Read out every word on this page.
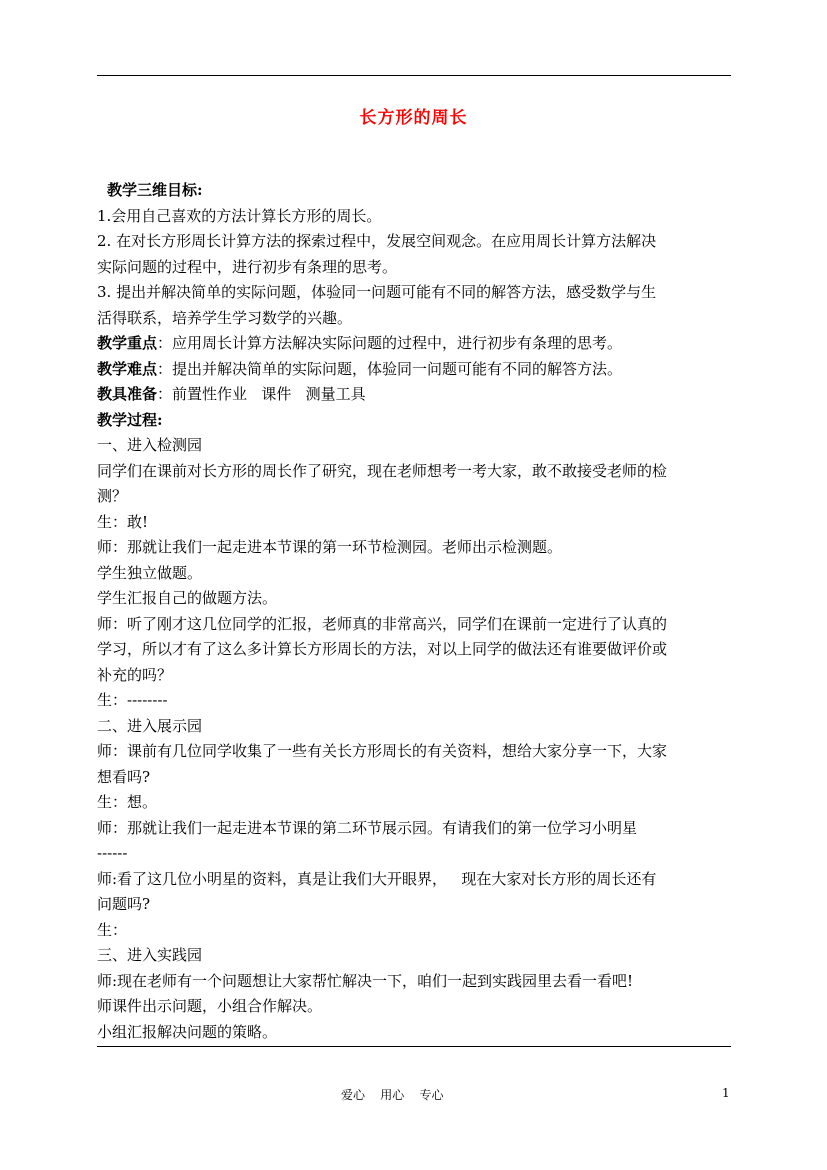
长方形的周长

教学三维目标:

1.会用自己喜欢的方法计算长方形的周长。

2. 在对长方形周长计算方法的探索过程中，发展空间观念。在应用周长计算方法解决

实际问题的过程中，进行初步有条理的思考。

3. 提出并解决简单的实际问题，体验同一问题可能有不同的解答方法，感受数学与生

活得联系，培养学生学习数学的兴趣。

教学重点：应用周长计算方法解决实际问题的过程中，进行初步有条理的思考。

教学难点：提出并解决简单的实际问题，体验同一问题可能有不同的解答方法。

教具准备：前置性作业   课件   测量工具

教学过程:

一、进入检测园

同学们在课前对长方形的周长作了研究，现在老师想考一考大家，敢不敢接受老师的检

测？

生：敢!

师：那就让我们一起走进本节课的第一环节检测园。老师出示检测题。

学生独立做题。

学生汇报自己的做题方法。

师：听了刚才这几位同学的汇报，老师真的非常高兴，同学们在课前一定进行了认真的

学习，所以才有了这么多计算长方形周长的方法，对以上同学的做法还有谁要做评价或

补充的吗？

生：--------

二、进入展示园

师：课前有几位同学收集了一些有关长方形周长的有关资料，想给大家分享一下，大家

想看吗?

生：想。

师：那就让我们一起走进本节课的第二环节展示园。有请我们的第一位学习小明星

------

师:看了这几位小明星的资料，真是让我们大开眼界，   现在大家对长方形的周长还有

问题吗?

生：

三、进入实践园

师:现在老师有一个问题想让大家帮忙解决一下，咱们一起到实践园里去看一看吧!

师课件出示问题，小组合作解决。

小组汇报解决问题的策略。

爱心    用心    专心	1
